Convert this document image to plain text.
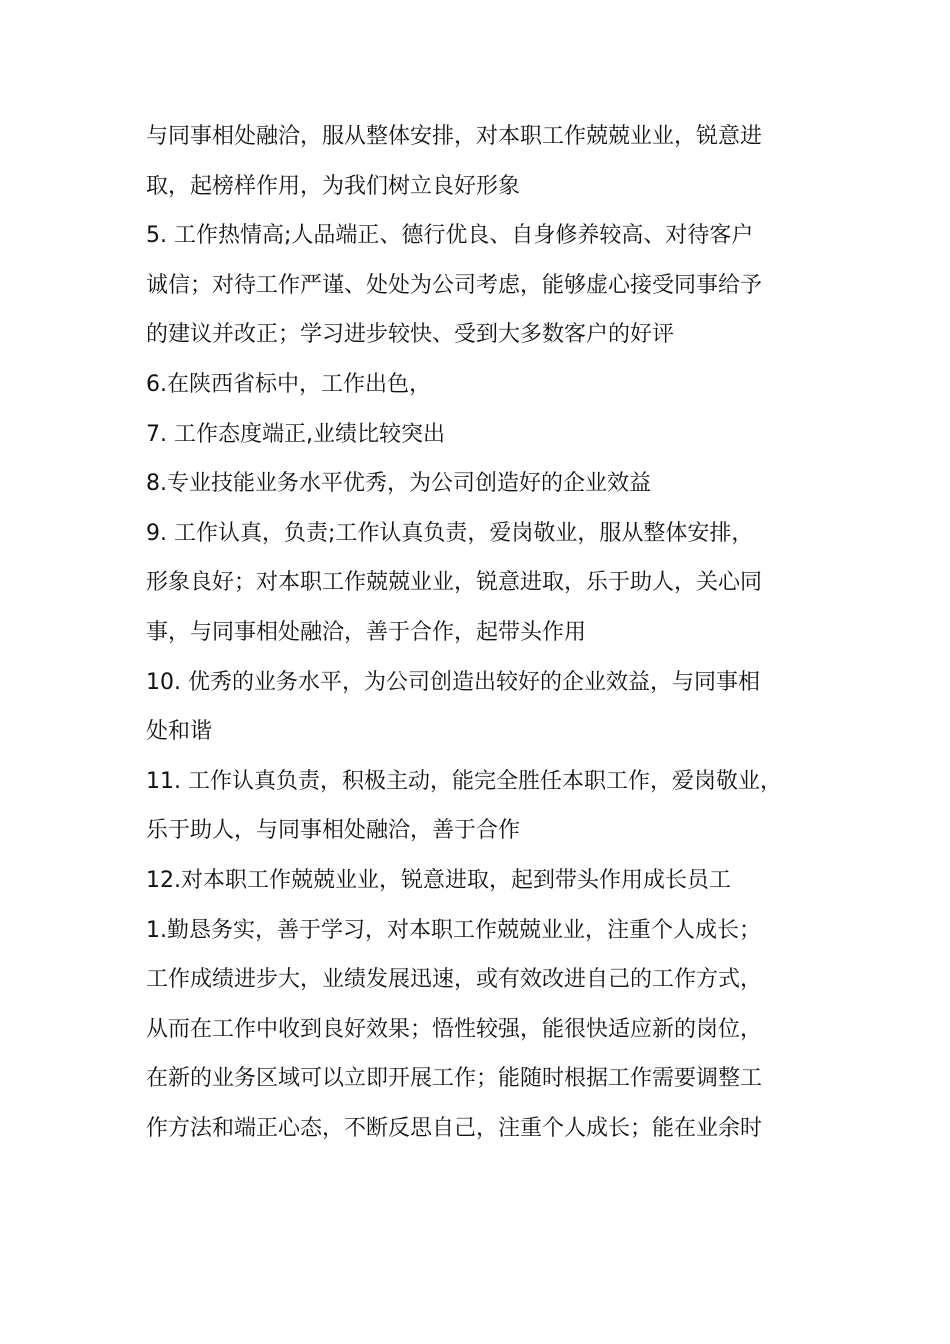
与同事相处融洽，服从整体安排，对本职工作兢兢业业，锐意进
取，起榜样作用，为我们树立良好形象
5. 工作热情高;人品端正、德行优良、自身修养较高、对待客户
诚信；对待工作严谨、处处为公司考虑，能够虚心接受同事给予
的建议并改正；学习进步较快、受到大多数客户的好评
6.在陕西省标中，工作出色，
7. 工作态度端正,业绩比较突出
8.专业技能业务水平优秀，为公司创造好的企业效益
9. 工作认真，负责;工作认真负责，爱岗敬业，服从整体安排，
形象良好；对本职工作兢兢业业，锐意进取，乐于助人，关心同
事，与同事相处融洽，善于合作，起带头作用
10. 优秀的业务水平，为公司创造出较好的企业效益，与同事相
处和谐
11. 工作认真负责，积极主动，能完全胜任本职工作，爱岗敬业，
乐于助人，与同事相处融洽，善于合作
12.对本职工作兢兢业业，锐意进取，起到带头作用成长员工
1.勤恳务实，善于学习，对本职工作兢兢业业，注重个人成长；
工作成绩进步大，业绩发展迅速，或有效改进自己的工作方式，
从而在工作中收到良好效果；悟性较强，能很快适应新的岗位，
在新的业务区域可以立即开展工作；能随时根据工作需要调整工
作方法和端正心态，不断反思自己，注重个人成长；能在业余时
